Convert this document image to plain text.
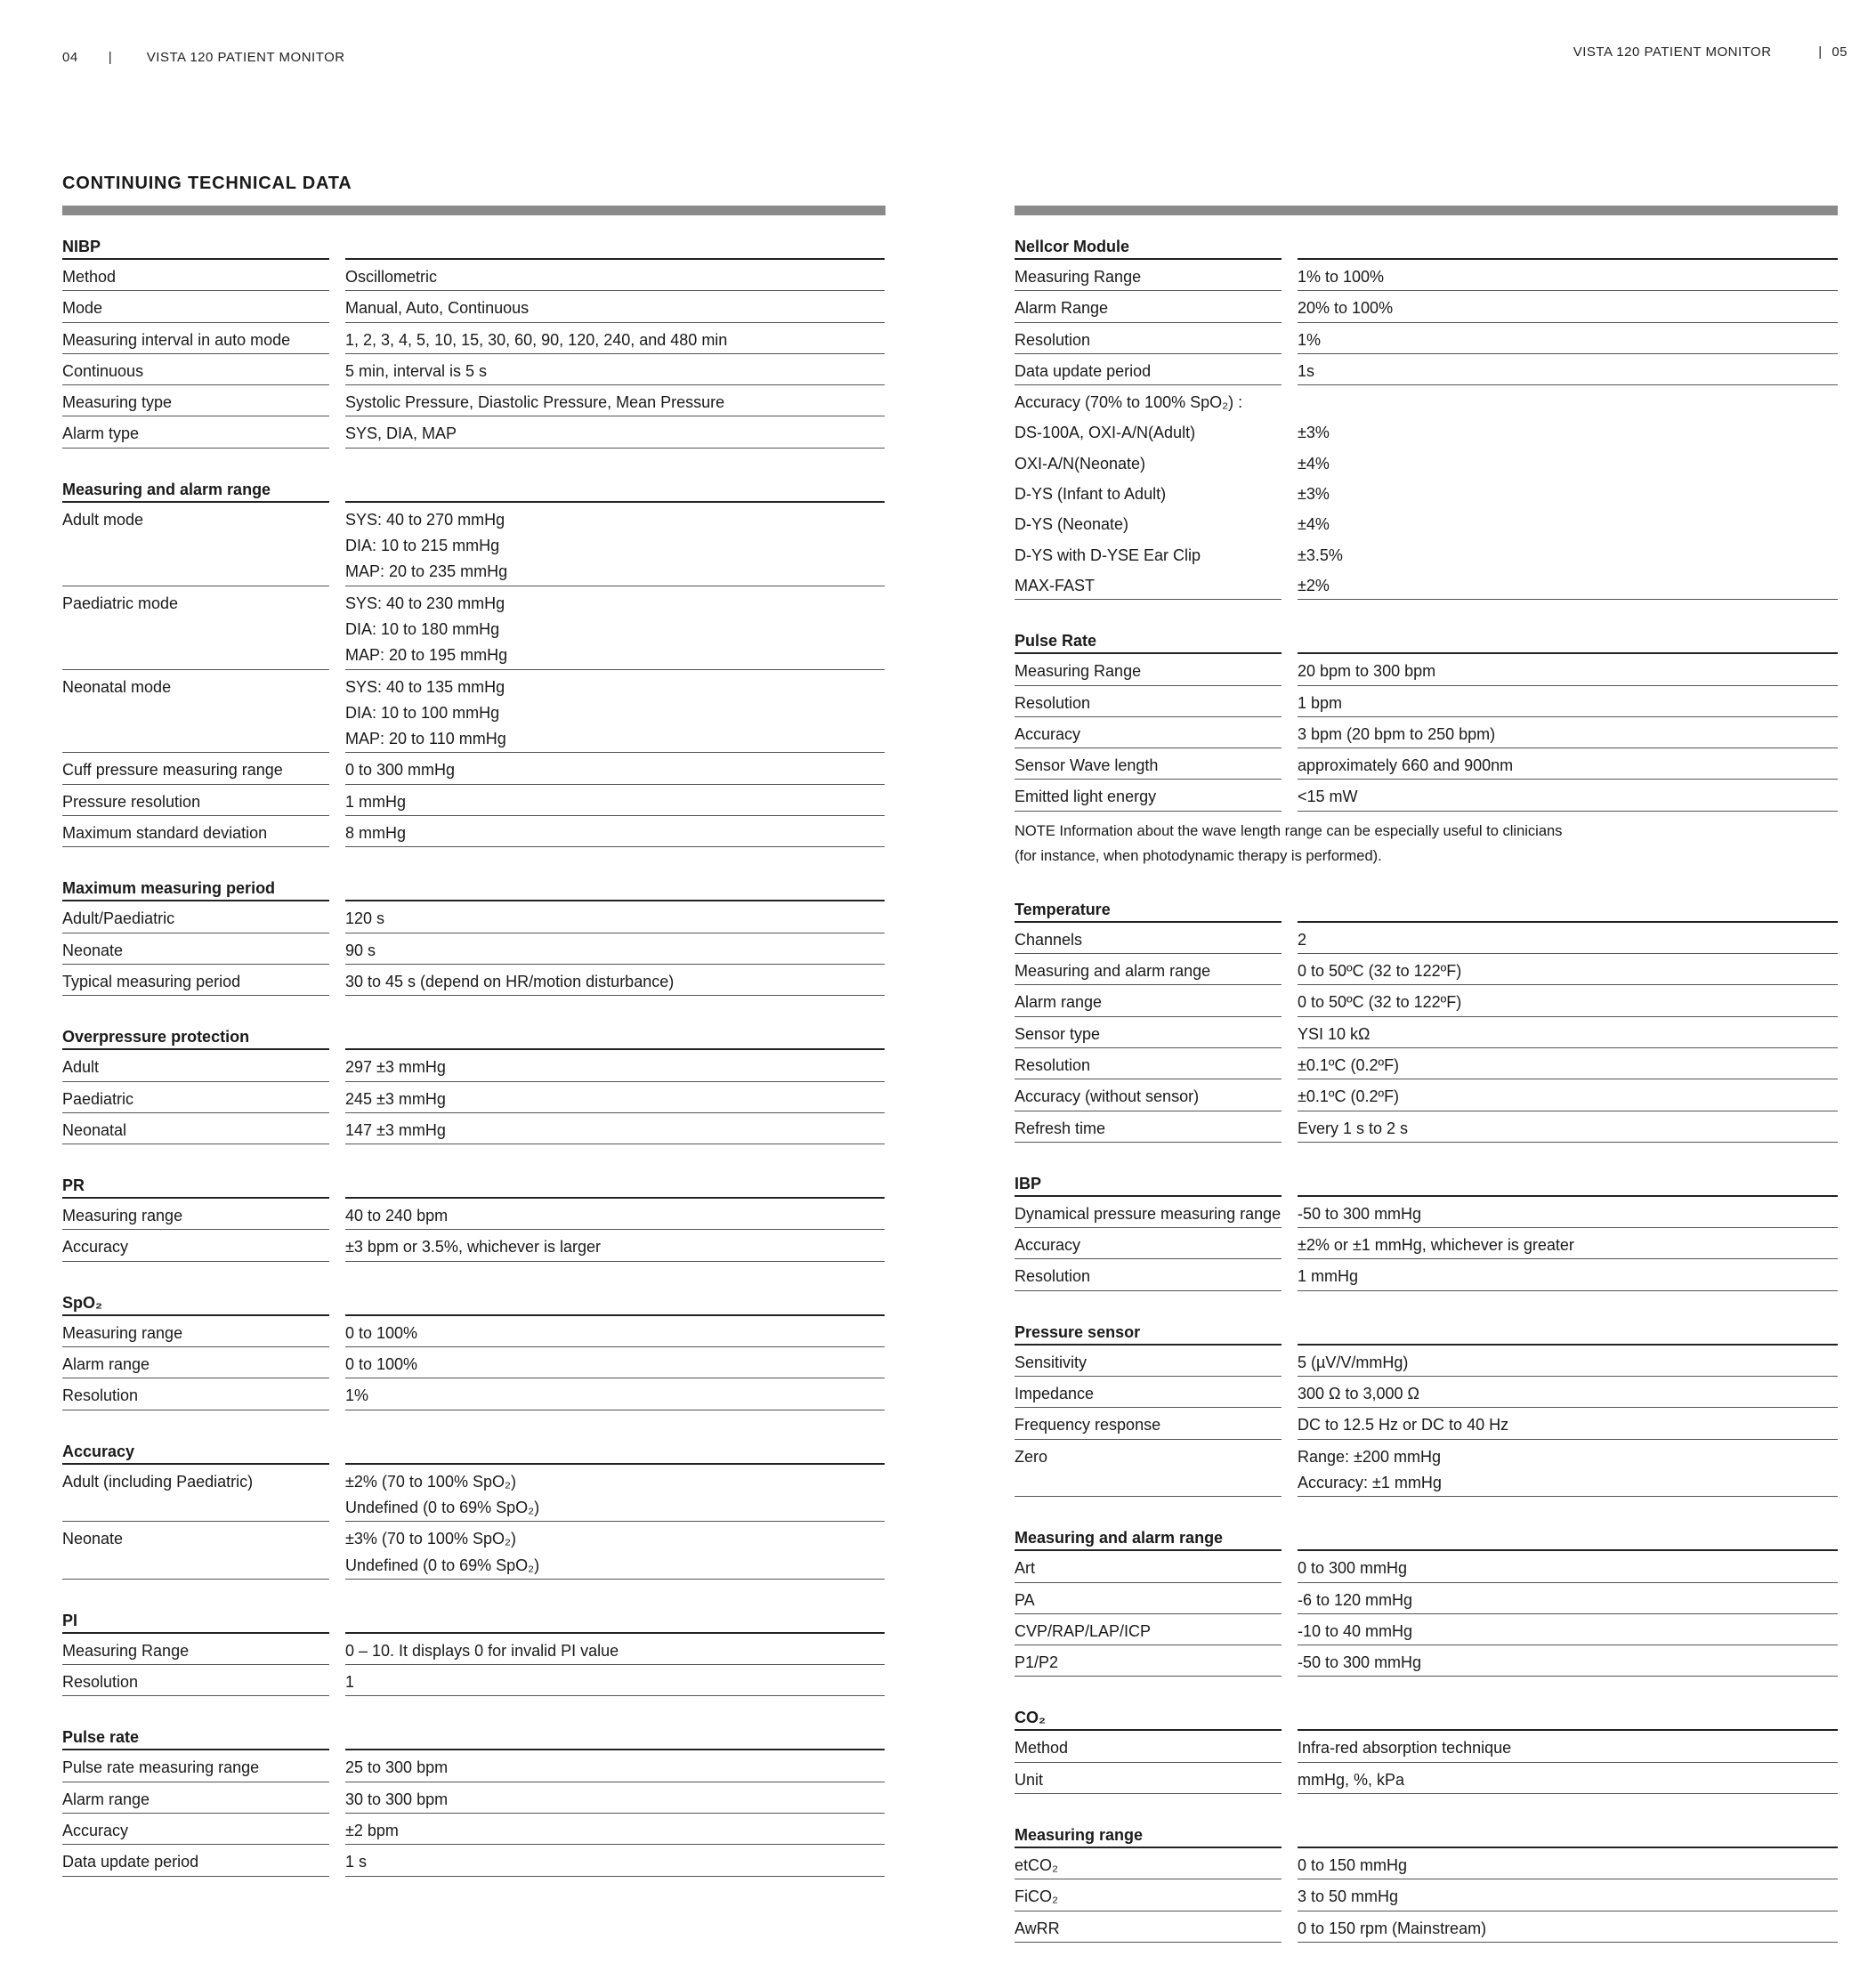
04 |	VISTA 120 PATIENT MONITOR	VISTA 120 PATIENT MONITOR	| 05
CONTINUING TECHNICAL DATA
NIBP
Method	Oscillometric
Mode	Manual, Auto, Continuous
Measuring interval in auto mode	1, 2, 3, 4, 5, 10, 15, 30, 60, 90, 120, 240, and 480 min
Continuous	5 min, interval is 5 s
Measuring type	Systolic Pressure, Diastolic Pressure, Mean Pressure
Alarm type	SYS, DIA, MAP
Measuring and alarm range
Adult mode	SYS: 40 to 270 mmHg
DIA: 10 to 215 mmHg
MAP: 20 to 235 mmHg
Paediatric mode	SYS: 40 to 230 mmHg
DIA: 10 to 180 mmHg
MAP: 20 to 195 mmHg
Neonatal mode	SYS: 40 to 135 mmHg
DIA: 10 to 100 mmHg
MAP: 20 to 110 mmHg
Cuff pressure measuring range	0 to 300 mmHg
Pressure resolution	1 mmHg
Maximum standard deviation	8 mmHg
Maximum measuring period
Adult/Paediatric	120 s
Neonate	90 s
Typical measuring period	30 to 45 s (depend on HR/motion disturbance)
Overpressure protection
Adult	297 ±3 mmHg
Paediatric	245 ±3 mmHg
Neonatal	147 ±3 mmHg
PR
Measuring range	40 to 240 bpm
Accuracy	±3 bpm or 3.5%, whichever is larger
SpO₂
Measuring range	0 to 100%
Alarm range	0 to 100%
Resolution	1%
Accuracy
Adult (including Paediatric)	±2% (70 to 100% SpO₂)
Undefined (0 to 69% SpO₂)
Neonate	±3% (70 to 100% SpO₂)
Undefined (0 to 69% SpO₂)
PI
Measuring Range	0 – 10. It displays 0 for invalid PI value
Resolution	1
Pulse rate
Pulse rate measuring range	25 to 300 bpm
Alarm range	30 to 300 bpm
Accuracy	±2 bpm
Data update period	1 s
Nellcor Module
Measuring Range	1% to 100%
Alarm Range	20% to 100%
Resolution	1%
Data update period	1s
Accuracy (70% to 100% SpO₂) :

DS-100A, OXI-A/N(Adult)	±3%
OXI-A/N(Neonate)	±4%
D-YS (Infant to Adult)	±3%
D-YS (Neonate)	±4%
D-YS with D-YSE Ear Clip	±3.5%
MAX-FAST	±2%
Pulse Rate
Measuring Range	20 bpm to 300 bpm
Resolution	1 bpm
Accuracy	3 bpm (20 bpm to 250 bpm)
Sensor Wave length	approximately 660 and 900nm
Emitted light energy	<15 mW
NOTE Information about the wave length range can be especially useful to clinicians
(for instance, when photodynamic therapy is performed).
Temperature
Channels	2
Measuring and alarm range	0 to 50ºC (32 to 122ºF)
Alarm range	0 to 50ºC (32 to 122ºF)
Sensor type	YSI 10 kΩ
Resolution	±0.1ºC (0.2ºF)
Accuracy (without sensor)	±0.1ºC (0.2ºF)
Refresh time	Every 1 s to 2 s
IBP
Dynamical pressure measuring range -50 to 300 mmHg
Accuracy	±2% or ±1 mmHg, whichever is greater
Resolution	1 mmHg
Pressure sensor
Sensitivity	5 (µV/V/mmHg)
Impedance	300 Ω to 3,000 Ω
Frequency response	DC to 12.5 Hz or DC to 40 Hz
Zero	Range: ±200 mmHg
Accuracy: ±1 mmHg
Measuring and alarm range
Art	0 to 300 mmHg
PA	-6 to 120 mmHg
CVP/RAP/LAP/ICP	-10 to 40 mmHg
P1/P2	-50 to 300 mmHg
CO₂
Method	Infra-red absorption technique
Unit	mmHg, %, kPa
Measuring range
etCO₂	0 to 150 mmHg
FiCO₂	3 to 50 mmHg
AwRR	0 to 150 rpm (Mainstream)
